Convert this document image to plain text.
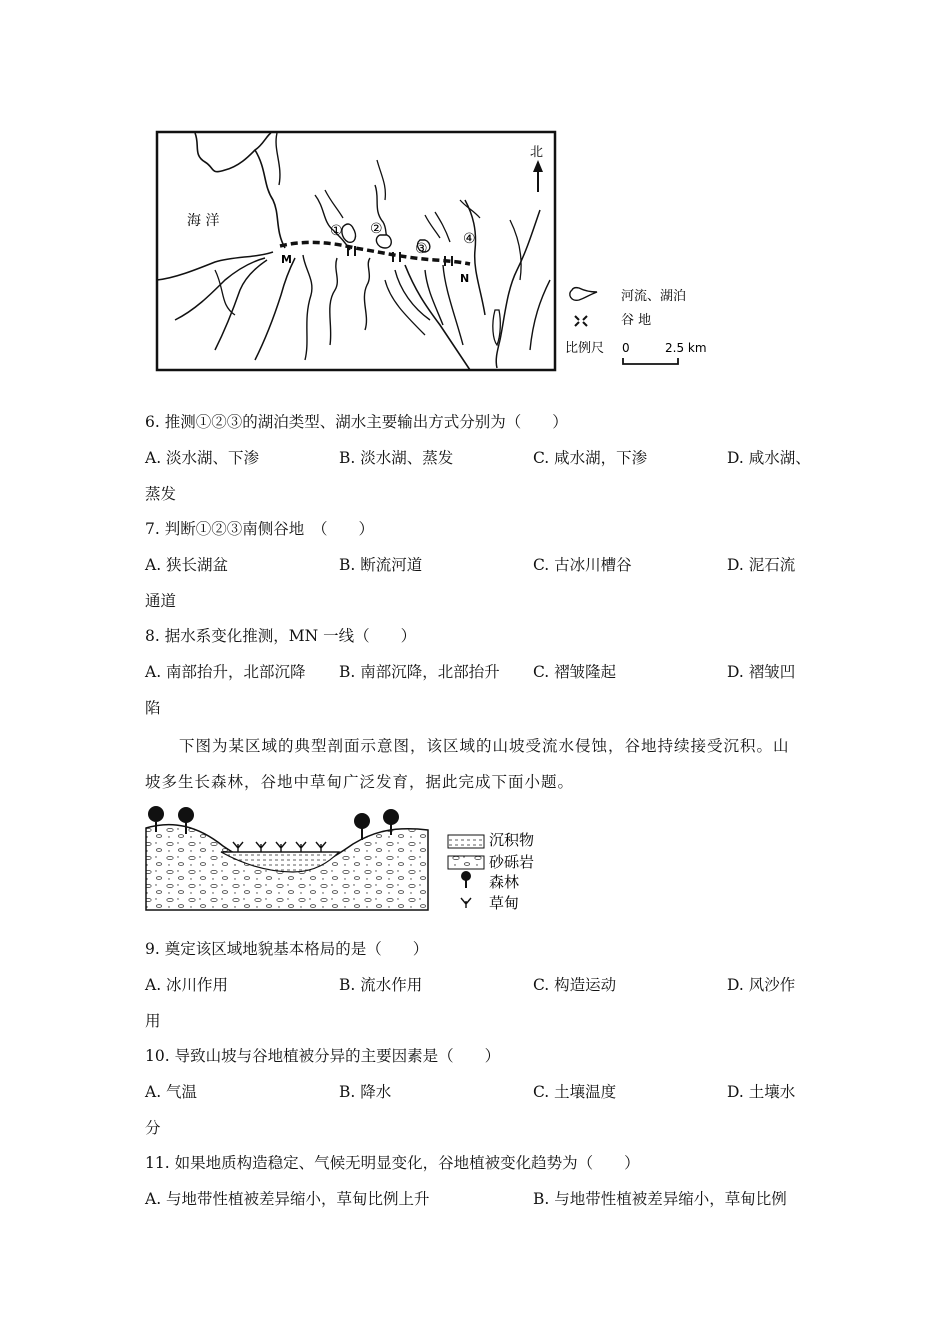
北
海 洋
M
N
① ②
③
④
河流、湖泊
谷 地
比例尺 0	2.5 km
6. 推测①②③的湖泊类型、湖水主要输出方式分别为（　　）
A. 淡水湖、下渗	B. 淡水湖、蒸发	C. 咸水湖，下渗	D. 咸水湖、
蒸发
7. 判断①②③南侧谷地　（　　）
A. 狭长湖盆	B. 断流河道	C. 古冰川槽谷	D. 泥石流
通道
8. 据水系变化推测，MN 一线（　　）
A. 南部抬升，北部沉降 B. 南部沉降，北部抬升 C. 褶皱隆起	D. 褶皱凹
陷
下图为某区域的典型剖面示意图，该区域的山坡受流水侵蚀，谷地持续接受沉积。山
坡多生长森林，谷地中草甸广泛发育，据此完成下面小题。
沉积物
砂砾岩
森林
草甸
9. 奠定该区域地貌基本格局的是（　　）
A. 冰川作用	B. 流水作用	C. 构造运动	D. 风沙作
用
10. 导致山坡与谷地植被分异的主要因素是（　　）
A. 气温	B. 降水	C. 土壤温度	D. 土壤水
分
11. 如果地质构造稳定、气候无明显变化，谷地植被变化趋势为（　　）
A. 与地带性植被差异缩小，草甸比例上升	B. 与地带性植被差异缩小，草甸比例
